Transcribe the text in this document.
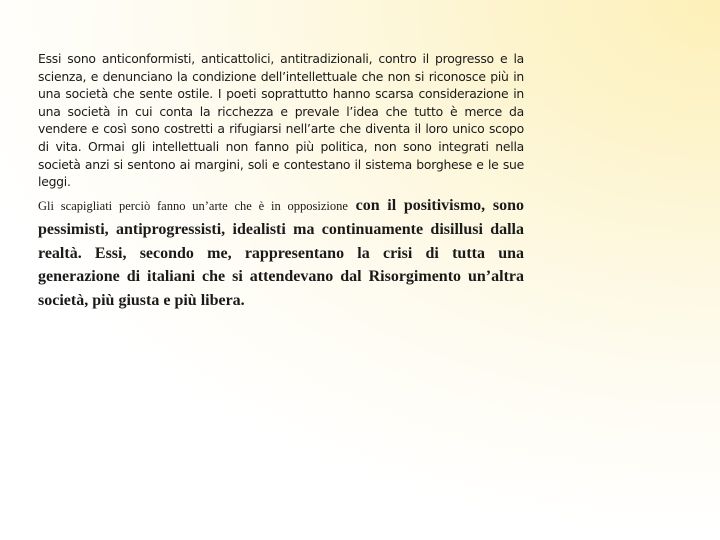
Essi sono anticonformisti, anticattolici, antitradizionali, contro il progresso e la scienza, e denunciano la condizione dell’intellettuale che non si riconosce più in una società che sente ostile. I poeti soprattutto hanno scarsa considerazione in una società in cui conta la ricchezza e prevale l’idea che tutto è merce da vendere e così sono costretti a rifugiarsi nell’arte che diventa il loro unico scopo di vita. Ormai gli intellettuali non fanno più politica, non sono integrati nella società anzi si sentono ai margini, soli e contestano il sistema borghese e le sue leggi.

Gli scapigliati perciò fanno un’arte che è in opposizione con il positivismo, sono pessimisti, antiprogressisti, idealisti ma continuamente disillusi dalla realtà. Essi, secondo me, rappresentano la crisi di tutta una generazione di italiani che si attendevano dal Risorgimento un’altra società, più giusta e più libera.
